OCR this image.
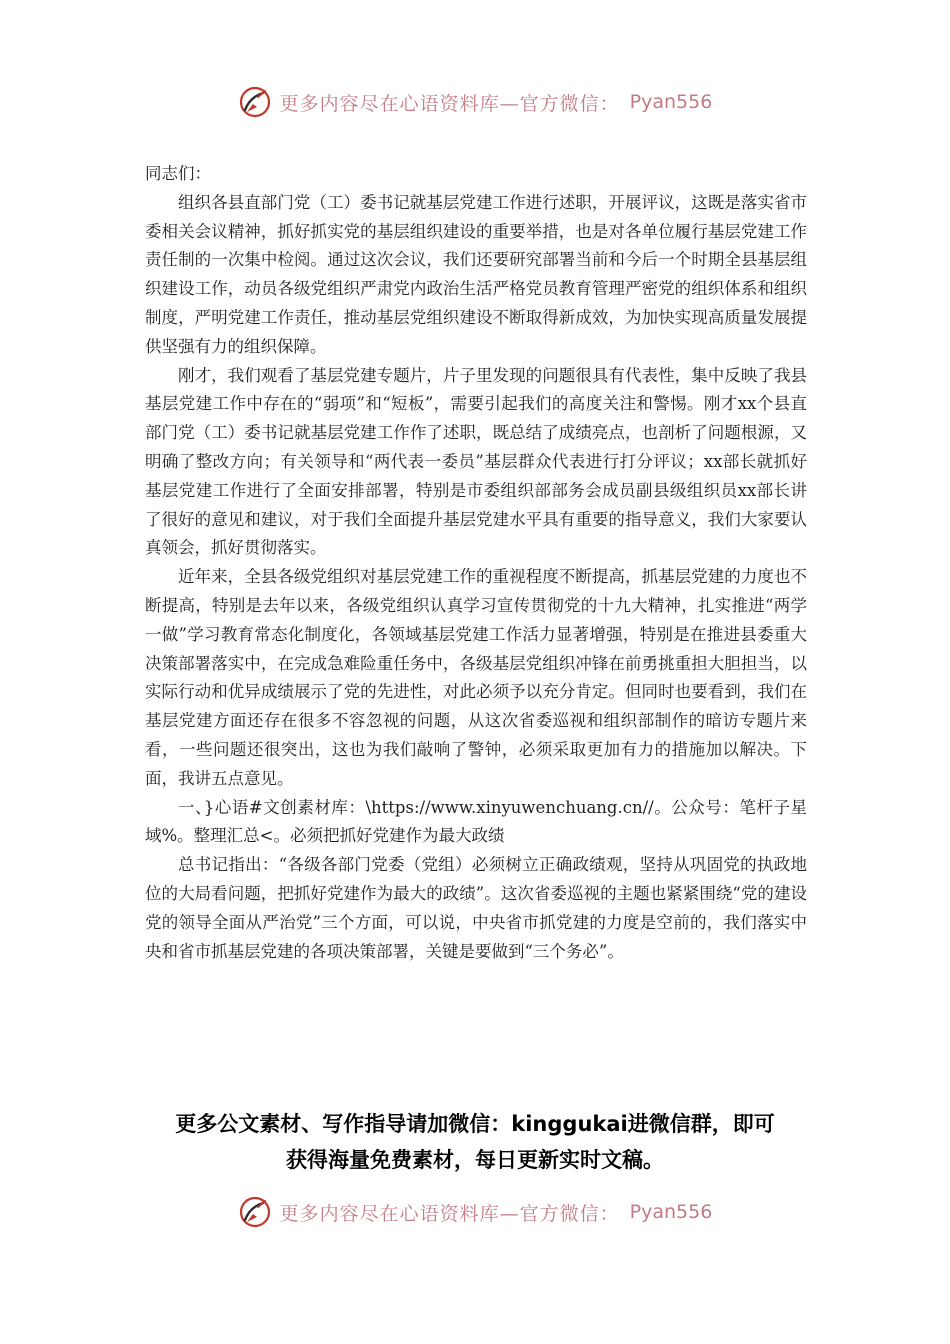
更多内容尽在心语资料库—官方微信： Pyan556

同志们：

组织各县直部门党（工）委书记就基层党建工作进行述职，开展评议，这既是落实省市委相关会议精神，抓好抓实党的基层组织建设的重要举措，也是对各单位履行基层党建工作责任制的一次集中检阅。通过这次会议，我们还要研究部署当前和今后一个时期全县基层组织建设工作，动员各级党组织严肃党内政治生活严格党员教育管理严密党的组织体系和组织制度，严明党建工作责任，推动基层党组织建设不断取得新成效，为加快实现高质量发展提供坚强有力的组织保障。

刚才，我们观看了基层党建专题片，片子里发现的问题很具有代表性，集中反映了我县基层党建工作中存在的“弱项”和“短板”，需要引起我们的高度关注和警惕。刚才xx个县直部门党（工）委书记就基层党建工作作了述职，既总结了成绩亮点，也剖析了问题根源，又明确了整改方向；有关领导和“两代表一委员”基层群众代表进行打分评议；xx部长就抓好基层党建工作进行了全面安排部署，特别是市委组织部部务会成员副县级组织员xx部长讲了很好的意见和建议，对于我们全面提升基层党建水平具有重要的指导意义，我们大家要认真领会，抓好贯彻落实。

近年来，全县各级党组织对基层党建工作的重视程度不断提高，抓基层党建的力度也不断提高，特别是去年以来，各级党组织认真学习宣传贯彻党的十九大精神，扎实推进“两学一做”学习教育常态化制度化，各领域基层党建工作活力显著增强，特别是在推进县委重大决策部署落实中，在完成急难险重任务中，各级基层党组织冲锋在前勇挑重担大胆担当，以实际行动和优异成绩展示了党的先进性，对此必须予以充分肯定。但同时也要看到，我们在基层党建方面还存在很多不容忽视的问题，从这次省委巡视和组织部制作的暗访专题片来看，一些问题还很突出，这也为我们敲响了警钟，必须采取更加有力的措施加以解决。下面，我讲五点意见。

一、}心语#文创素材库：\https://www.xinyuwenchuang.cn//。公众号：笔杆子星域%。整理汇总<。必须把抓好党建作为最大政绩

总书记指出：“各级各部门党委（党组）必须树立正确政绩观，坚持从巩固党的执政地位的大局看问题，把抓好党建作为最大的政绩”。这次省委巡视的主题也紧紧围绕“党的建设党的领导全面从严治党”三个方面，可以说，中央省市抓党建的力度是空前的，我们落实中央和省市抓基层党建的各项决策部署，关键是要做到“三个务必”。

更多公文素材、写作指导请加微信：kinggukai进微信群，即可
获得海量免费素材，每日更新实时文稿。
更多内容尽在心语资料库—官方微信： Pyan556
